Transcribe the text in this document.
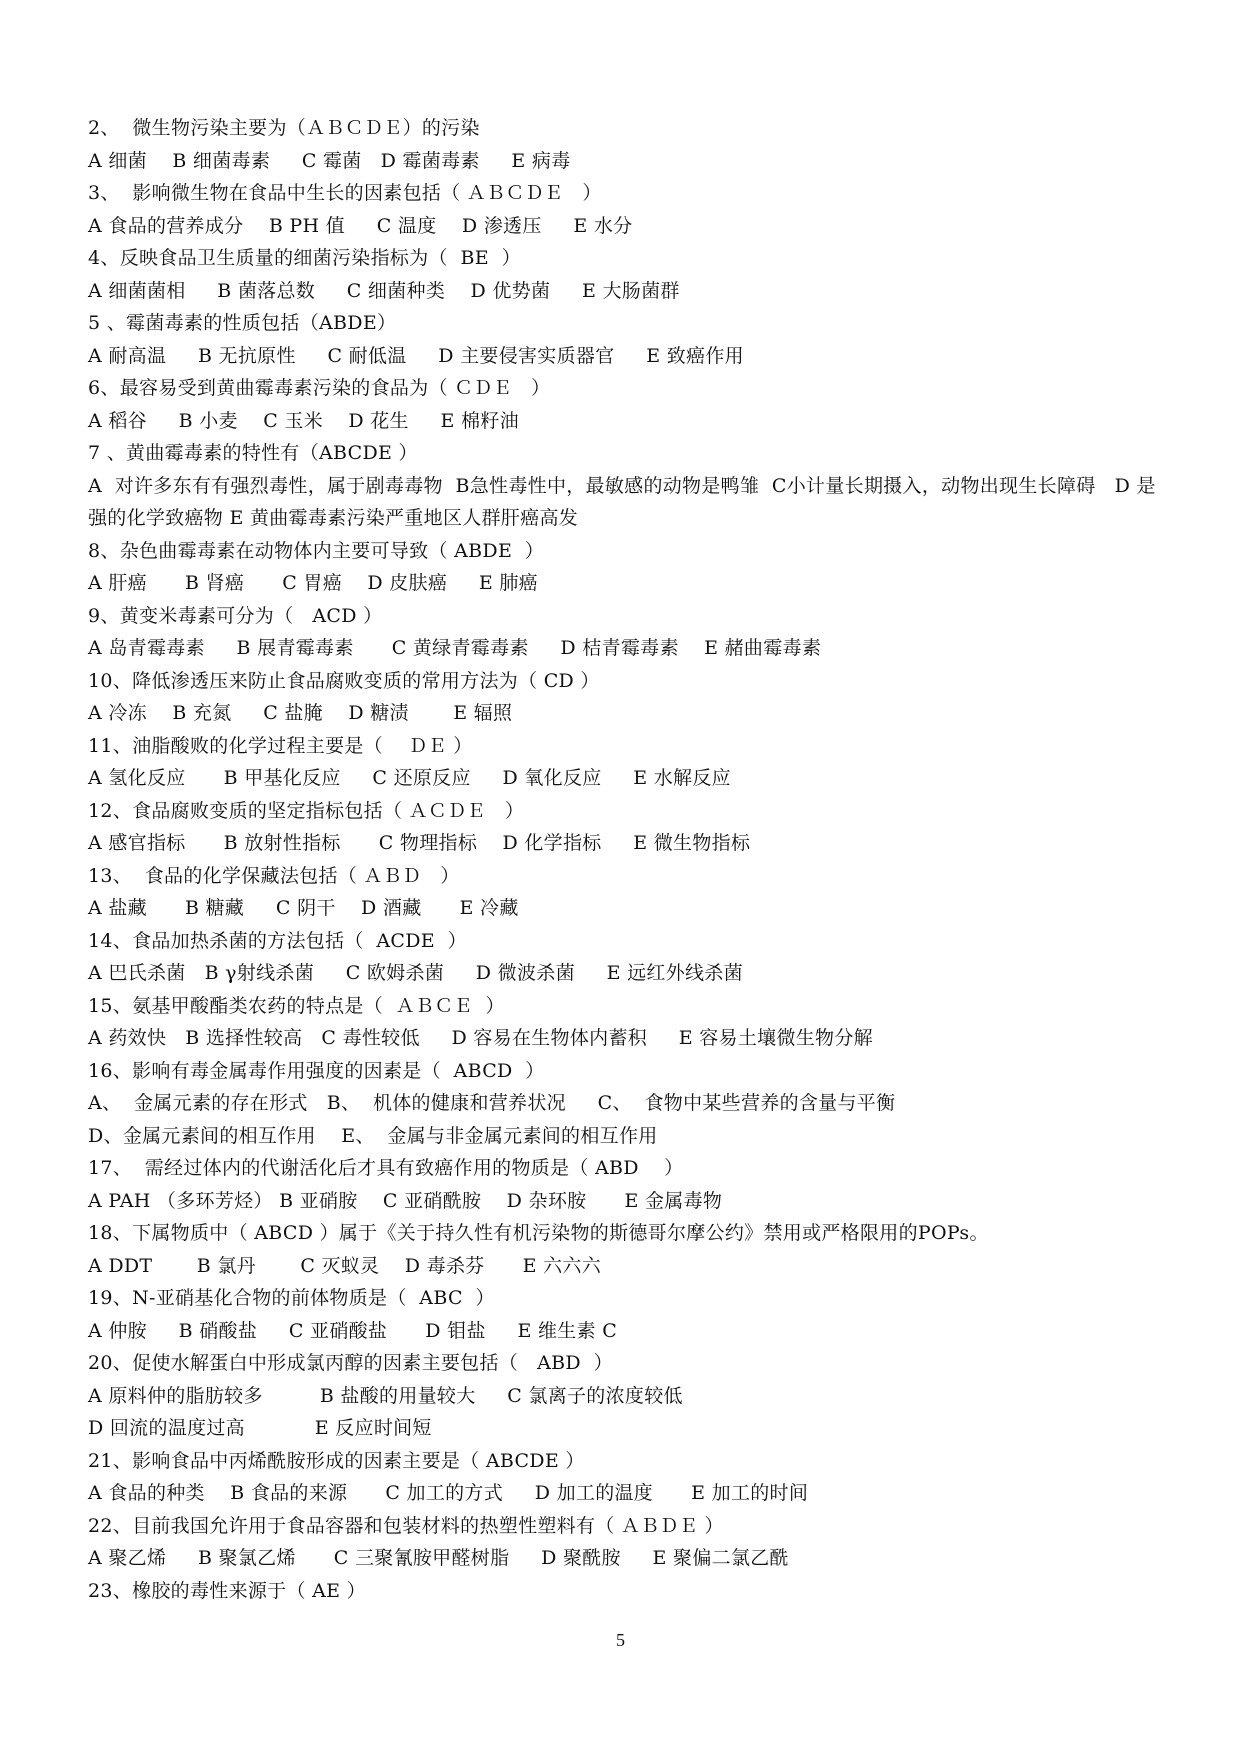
2、  微生物污染主要为（ＡＢＣＤＥ）的污染
A 细菌    B 细菌毒素     C 霉菌   D 霉菌毒素     E 病毒
3、  影响微生物在食品中生长的因素包括（ ＡＢＣＤＥ   ）
A 食品的营养成分    B PH 值     C 温度    D 渗透压     E 水分
4、反映食品卫生质量的细菌污染指标为（  BE  ）
A 细菌菌相     B 菌落总数     C 细菌种类    D 优势菌     E 大肠菌群
5 、霉菌毒素的性质包括（ABDE）
A 耐高温     B 无抗原性     C 耐低温     D 主要侵害实质器官     E 致癌作用
6、最容易受到黄曲霉毒素污染的食品为（ ＣＤＥ   ）
A 稻谷     B 小麦    C 玉米    D 花生     E 棉籽油
7 、黄曲霉毒素的特性有（ABCDE ）
A  对许多东有有强烈毒性，属于剧毒毒物  B急性毒性中，最敏感的动物是鸭雏  C小计量长期摄入，动物出现生长障碍   D 是强的化学致癌物 E 黄曲霉毒素污染严重地区人群肝癌高发
8、杂色曲霉毒素在动物体内主要可导致（ ABDE  ）
A 肝癌      B 肾癌      C 胃癌    D 皮肤癌     E 肺癌
9、黄变米毒素可分为（   ACD ）
A 岛青霉毒素     B 展青霉毒素      C 黄绿青霉毒素     D 桔青霉毒素    E 赭曲霉毒素
10、降低渗透压来防止食品腐败变质的常用方法为（ CD ）
A 冷冻    B 充氮     C 盐腌    D 糖渍       E 辐照
11、油脂酸败的化学过程主要是（    ＤＥ ）
A 氢化反应      B 甲基化反应     C 还原反应     D 氧化反应     E 水解反应
12、食品腐败变质的坚定指标包括（ ＡＣＤＥ   ）
A 感官指标      B 放射性指标      C 物理指标    D 化学指标     E 微生物指标
13、  食品的化学保藏法包括（ ＡＢＤ   ）
A 盐藏      B 糖藏     C 阴干    D 酒藏      E 冷藏
14、食品加热杀菌的方法包括（  ACDE  ）
A 巴氏杀菌   B γ射线杀菌     C 欧姆杀菌     D 微波杀菌     E 远红外线杀菌
15、氨基甲酸酯类农药的特点是（  ＡＢＣＥ  ）
A 药效快   B 选择性较高   C 毒性较低     D 容易在生物体内蓄积     E 容易土壤微生物分解
16、影响有毒金属毒作用强度的因素是（  ABCD  ）
A、  金属元素的存在形式   B、  机体的健康和营养状况     C、  食物中某些营养的含量与平衡
D、金属元素间的相互作用    E、  金属与非金属元素间的相互作用
17、  需经过体内的代谢活化后才具有致癌作用的物质是（ ABD    ）
A PAH （多环芳烃） B 亚硝胺    C 亚硝酰胺    D 杂环胺      E 金属毒物
18、下属物质中（ ABCD ）属于《关于持久性有机污染物的斯德哥尔摩公约》禁用或严格限用的POPs。
A DDT       B 氯丹       C 灭蚁灵    D 毒杀芬      E 六六六
19、N-亚硝基化合物的前体物质是（  ABC  ）
A 仲胺     B 硝酸盐     C 亚硝酸盐      D 钼盐     E 维生素 C
20、促使水解蛋白中形成氯丙醇的因素主要包括（   ABD  ）
A 原料仲的脂肪较多         B 盐酸的用量较大     C 氯离子的浓度较低
D 回流的温度过高           E 反应时间短
21、影响食品中丙烯酰胺形成的因素主要是（ ABCDE ）
A 食品的种类    B 食品的来源      C 加工的方式     D 加工的温度      E 加工的时间
22、目前我国允许用于食品容器和包装材料的热塑性塑料有（ ＡＢＤＥ ）
A 聚乙烯     B 聚氯乙烯      C 三聚氰胺甲醛树脂     D 聚酰胺     E 聚偏二氯乙酰
23、橡胶的毒性来源于（ AE ）
5
